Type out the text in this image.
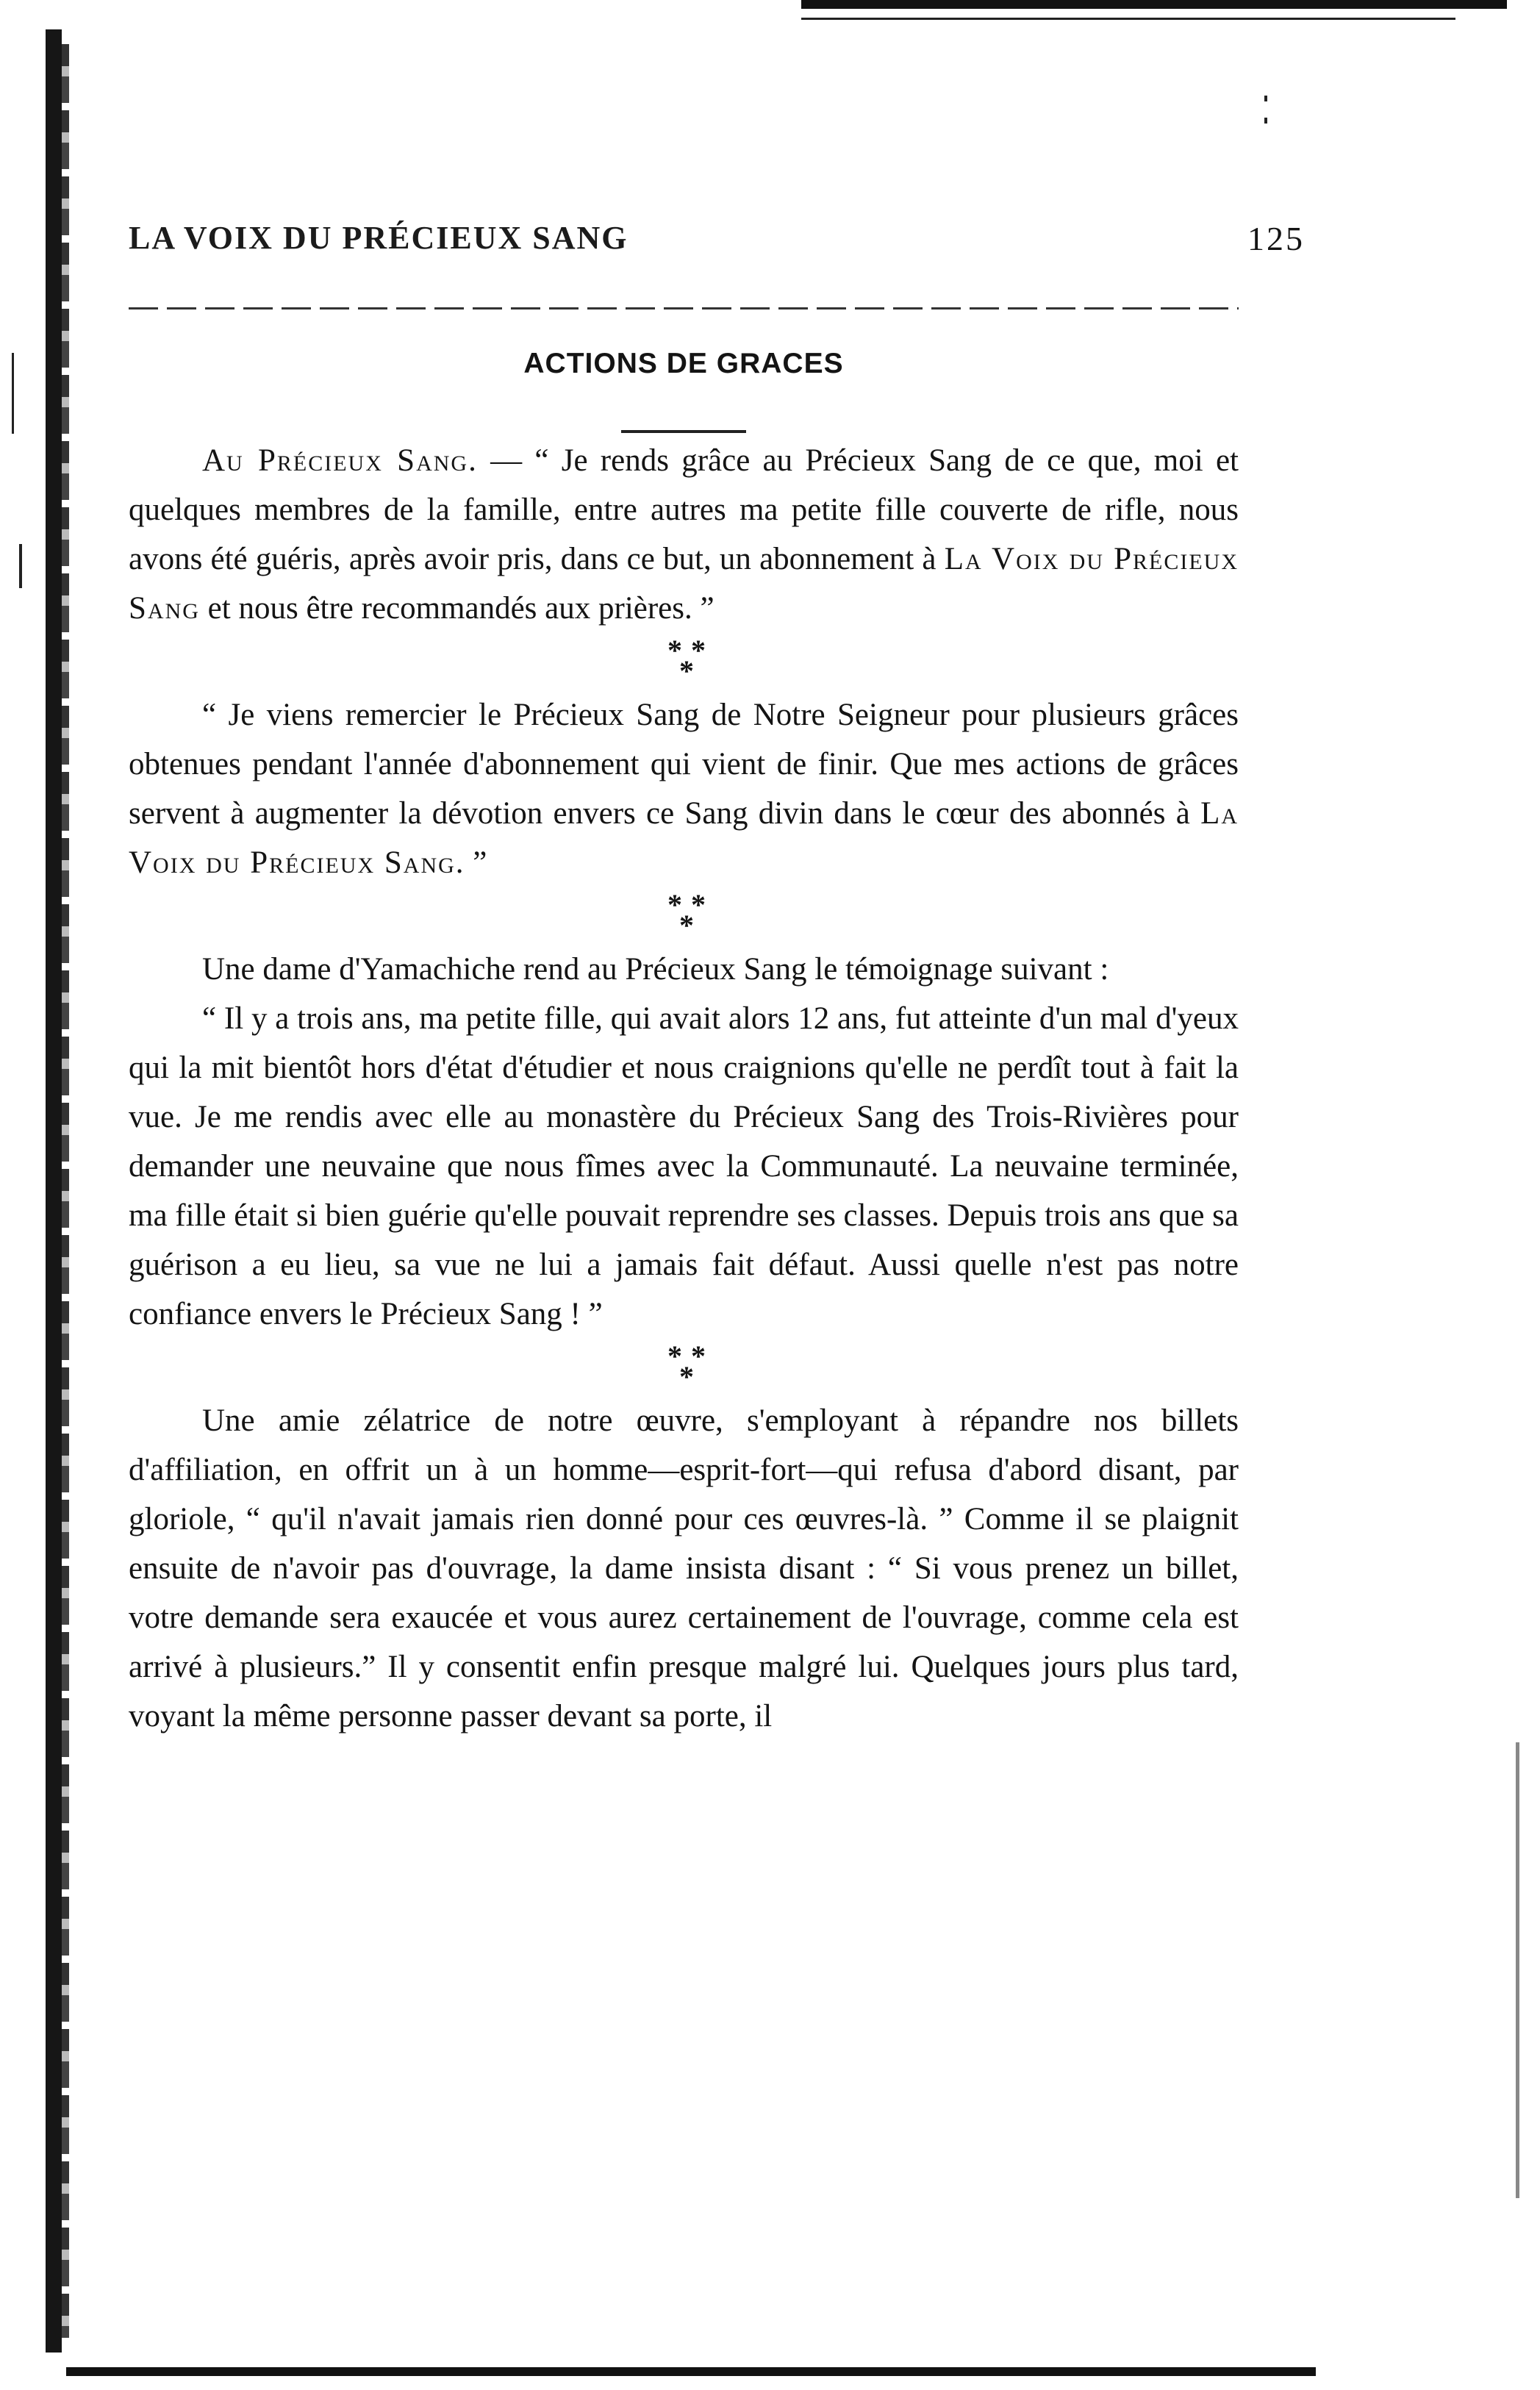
LA VOIX DU PRÉCIEUX SANG	125
ACTIONS DE GRACES

Au Précieux Sang. — “ Je rends grâce au Précieux Sang de ce que, moi et quelques membres de la famille, entre autres ma petite fille couverte de rifle, nous avons été guéris, après avoir pris, dans ce but, un abonnement à La Voix du Précieux Sang et nous être recommandés aux prières. ”

* *
*

“ Je viens remercier le Précieux Sang de Notre Seigneur pour plusieurs grâces obtenues pendant l'année d'abonnement qui vient de finir. Que mes actions de grâces servent à augmenter la dévotion envers ce Sang divin dans le cœur des abonnés à La Voix du Précieux Sang. ”

* *
*

Une dame d'Yamachiche rend au Précieux Sang le témoignage suivant :

“ Il y a trois ans, ma petite fille, qui avait alors 12 ans, fut atteinte d'un mal d'yeux qui la mit bientôt hors d'état d'étudier et nous craignions qu'elle ne perdît tout à fait la vue. Je me rendis avec elle au monastère du Précieux Sang des Trois-Rivières pour demander une neuvaine que nous fîmes avec la Communauté. La neuvaine terminée, ma fille était si bien guérie qu'elle pouvait reprendre ses classes. Depuis trois ans que sa guérison a eu lieu, sa vue ne lui a jamais fait défaut. Aussi quelle n'est pas notre confiance envers le Précieux Sang ! ”

* *
*

Une amie zélatrice de notre œuvre, s'employant à répandre nos billets d'affiliation, en offrit un à un homme—esprit-fort—qui refusa d'abord disant, par gloriole, “ qu'il n'avait jamais rien donné pour ces œuvres-là. ” Comme il se plaignit ensuite de n'avoir pas d'ouvrage, la dame insista disant : “ Si vous prenez un billet, votre demande sera exaucée et vous aurez certainement de l'ouvrage, comme cela est arrivé à plusieurs.” Il y consentit enfin presque malgré lui. Quelques jours plus tard, voyant la même personne passer devant sa porte, il
